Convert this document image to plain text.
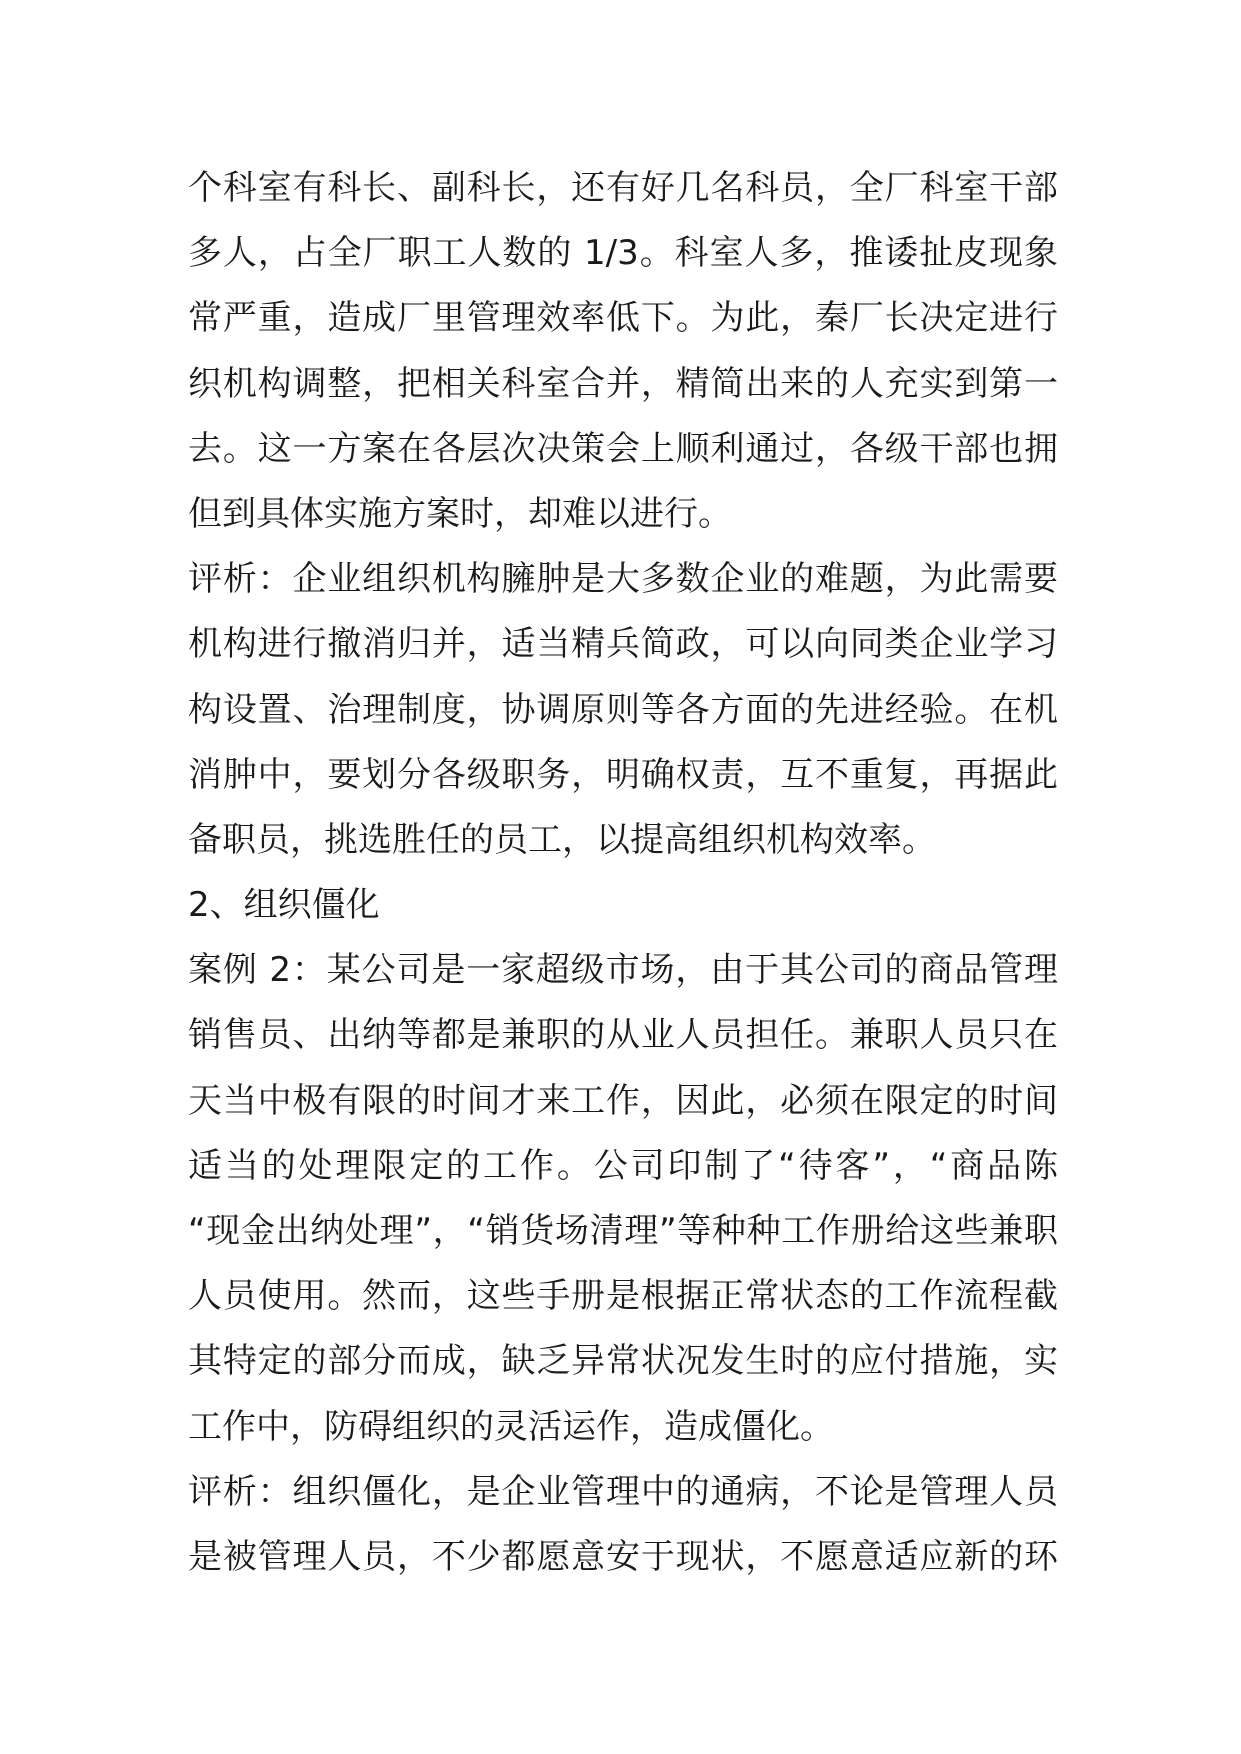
个科室有科长、副科长，还有好几名科员，全厂科室干部
多人，占全厂职工人数的 1/3。科室人多，推诿扯皮现象
常严重，造成厂里管理效率低下。为此，秦厂长决定进行
织机构调整，把相关科室合并，精简出来的人充实到第一
去。这一方案在各层次决策会上顺利通过，各级干部也拥
但到具体实施方案时，却难以进行。
评析：企业组织机构臃肿是大多数企业的难题，为此需要
机构进行撤消归并，适当精兵简政，可以向同类企业学习
构设置、治理制度，协调原则等各方面的先进经验。在机
消肿中，要划分各级职务，明确权责，互不重复，再据此
备职员，挑选胜任的员工，以提高组织机构效率。
2、组织僵化
案例 2：某公司是一家超级市场，由于其公司的商品管理
销售员、出纳等都是兼职的从业人员担任。兼职人员只在
天当中极有限的时间才来工作，因此，必须在限定的时间
适当的处理限定的工作。公司印制了“待客”，“商品陈
“现金出纳处理”，“销货场清理”等种种工作册给这些兼职
人员使用。然而，这些手册是根据正常状态的工作流程截
其特定的部分而成，缺乏异常状况发生时的应付措施，实
工作中，防碍组织的灵活运作，造成僵化。
评析：组织僵化，是企业管理中的通病，不论是管理人员
是被管理人员，不少都愿意安于现状，不愿意适应新的环
